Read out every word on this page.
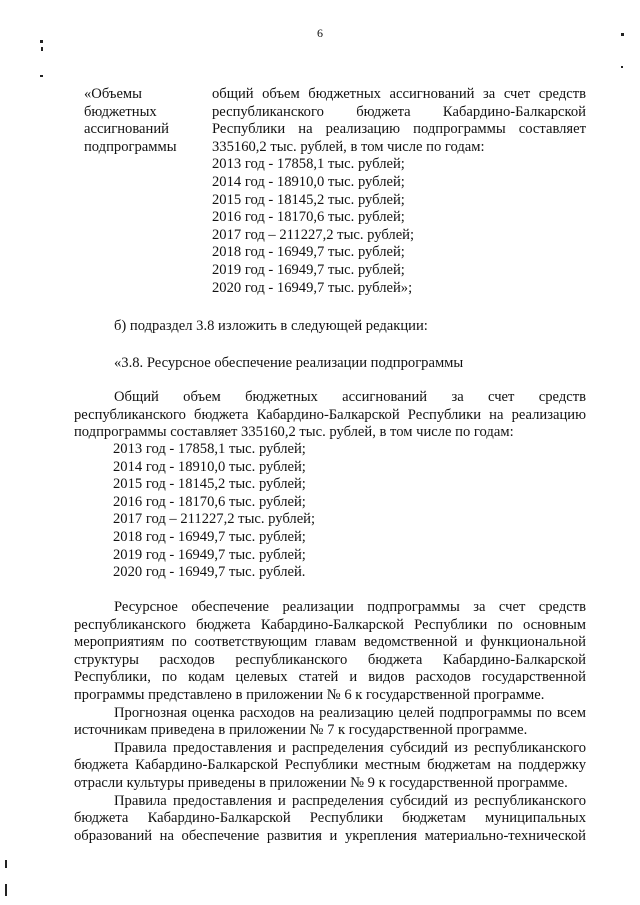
6
«Объемы
бюджетных
ассигнований
подпрограммы
общий объем бюджетных ассигнований за счет средств
республиканского бюджета Кабардино-Балкарской
Республики на реализацию подпрограммы составляет
335160,2 тыс. рублей, в том числе по годам:
2013 год - 17858,1 тыс. рублей;
2014 год - 18910,0 тыс. рублей;
2015 год - 18145,2 тыс. рублей;
2016 год - 18170,6 тыс. рублей;
2017 год – 211227,2 тыс. рублей;
2018 год - 16949,7 тыс. рублей;
2019 год - 16949,7 тыс. рублей;
2020 год - 16949,7 тыс. рублей»;
б) подраздел 3.8 изложить в следующей редакции:
«3.8. Ресурсное обеспечение реализации подпрограммы
Общий объем бюджетных ассигнований за счет средств
республиканского бюджета Кабардино-Балкарской Республики на реализацию
подпрограммы составляет 335160,2 тыс. рублей, в том числе по годам:
2013 год - 17858,1 тыс. рублей;
2014 год - 18910,0 тыс. рублей;
2015 год - 18145,2 тыс. рублей;
2016 год - 18170,6 тыс. рублей;
2017 год – 211227,2 тыс. рублей;
2018 год - 16949,7 тыс. рублей;
2019 год - 16949,7 тыс. рублей;
2020 год - 16949,7 тыс. рублей.

Ресурсное обеспечение реализации подпрограммы за счет средств республиканского бюджета Кабардино-Балкарской Республики по основным мероприятиям по соответствующим главам ведомственной и функциональной структуры расходов республиканского бюджета Кабардино-Балкарской Республики, по кодам целевых статей и видов расходов государственной программы представлено в приложении № 6 к государственной программе.

Прогнозная оценка расходов на реализацию целей подпрограммы по всем источникам приведена в приложении № 7 к государственной программе.

Правила предоставления и распределения субсидий из республиканского бюджета Кабардино-Балкарской Республики местным бюджетам на поддержку отрасли культуры приведены в приложении № 9 к государственной программе.

Правила предоставления и распределения субсидий из республиканского бюджета Кабардино-Балкарской Республики бюджетам муниципальных образований на обеспечение развития и укрепления материально-технической
